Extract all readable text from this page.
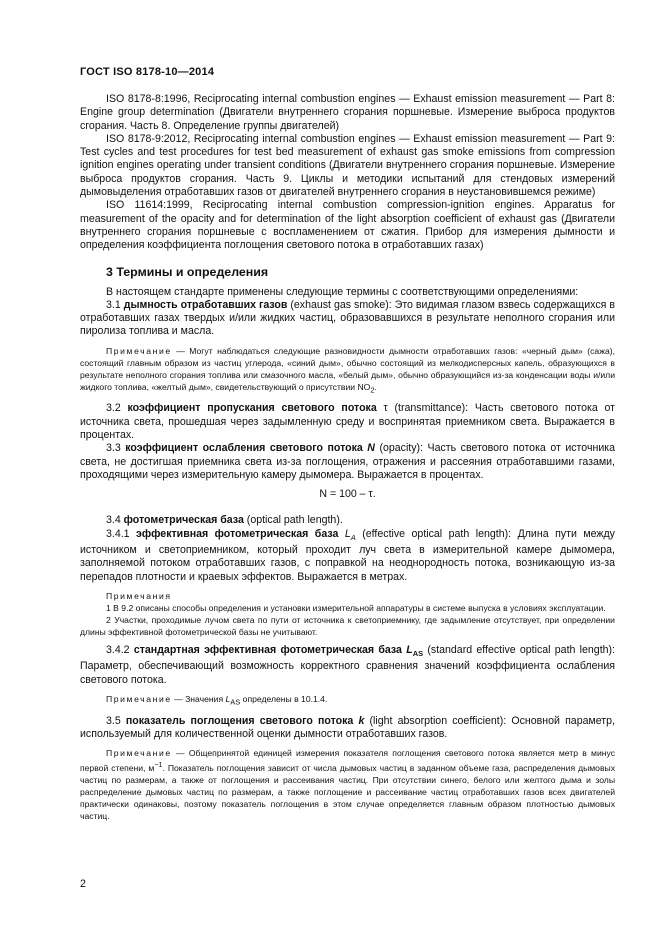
ГОСТ ISO 8178-10—2014

ISO 8178-8:1996, Reciprocating internal combustion engines — Exhaust emission measurement — Part 8: Engine group determination (Двигатели внутреннего сгорания поршневые. Измерение выброса продуктов сгорания. Часть 8. Определение группы двигателей)

ISO 8178-9:2012, Reciprocating internal combustion engines — Exhaust emission measurement — Part 9: Test cycles and test procedures for test bed measurement of exhaust gas smoke emissions from compression ignition engines operating under transient conditions (Двигатели внутреннего сгорания поршневые. Измерение выброса продуктов сгорания. Часть 9. Циклы и методики испытаний для стендовых измерений дымовыделения отработавших газов от двигателей внутреннего сгорания в неустановившемся режиме)

ISO 11614:1999, Reciprocating internal combustion compression-ignition engines. Apparatus for measurement of the opacity and for determination of the light absorption coefficient of exhaust gas (Двигатели внутреннего сгорания поршневые с воспламенением от сжатия. Прибор для измерения дымности и определения коэффициента поглощения светового потока в отработавших газах)

3 Термины и определения

В настоящем стандарте применены следующие термины с соответствующими определениями:

3.1 дымность отработавших газов (exhaust gas smoke): Это видимая глазом взвесь содержащихся в отработавших газах твердых и/или жидких частиц, образовавшихся в результате неполного сгорания или пиролиза топлива и масла.

Примечание — Могут наблюдаться следующие разновидности дымности отработавших газов: «черный дым» (сажа), состоящий главным образом из частиц углерода, «синий дым», обычно состоящий из мелкодисперсных капель, образующихся в результате неполного сгорания топлива или смазочного масла, «белый дым», обычно образующийся из-за конденсации воды и/или жидкого топлива, «желтый дым», свидетельствующий о присутствии $NO_2$.

3.2 коэффициент пропускания светового потока τ (transmittance): Часть светового потока от источника света, прошедшая через задымленную среду и воспринятая приемником света. Выражается в процентах.

3.3 коэффициент ослабления светового потока N (opacity): Часть светового потока от источника света, не достигшая приемника света из-за поглощения, отражения и рассеяния отработавшими газами, проходящими через измерительную камеру дымомера. Выражается в процентах.

N = 100 – τ.

3.4 фотометрическая база (optical path length).

3.4.1 эффективная фотометрическая база $L_A$ (effective optical path length): Длина пути между источником и светоприемником, который проходит луч света в измерительной камере дымомера, заполняемой потоком отработавших газов, с поправкой на неоднородность потока, возникающую из-за перепадов плотности и краевых эффектов. Выражается в метрах.

Примечания

1 В 9.2 описаны способы определения и установки измерительной аппаратуры в системе выпуска в условиях эксплуатации.

2 Участки, проходимые лучом света по пути от источника к светоприемнику, где задымление отсутствует, при определении длины эффективной фотометрической базы не учитывают.

3.4.2 стандартная эффективная фотометрическая база $L_{AS}$ (standard effective optical path length): Параметр, обеспечивающий возможность корректного сравнения значений коэффициента ослабления светового потока.

Примечание — Значения $L_{AS}$ определены в 10.1.4.

3.5 показатель поглощения светового потока k (light absorption coefficient): Основной параметр, используемый для количественной оценки дымности отработавших газов.

Примечание — Общепринятой единицей измерения показателя поглощения светового потока является метр в минус первой степени, $м^{-1}$. Показатель поглощения зависит от числа дымовых частиц в заданном объеме газа, распределения дымовых частиц по размерам, а также от поглощения и рассеивания частиц. При отсутствии синего, белого или желтого дыма и золы распределение дымовых частиц по размерам, а также поглощение и рассеивание частиц отработавших газов всех двигателей практически одинаковы, поэтому показатель поглощения в этом случае определяется главным образом плотностью дымовых частиц.

2
